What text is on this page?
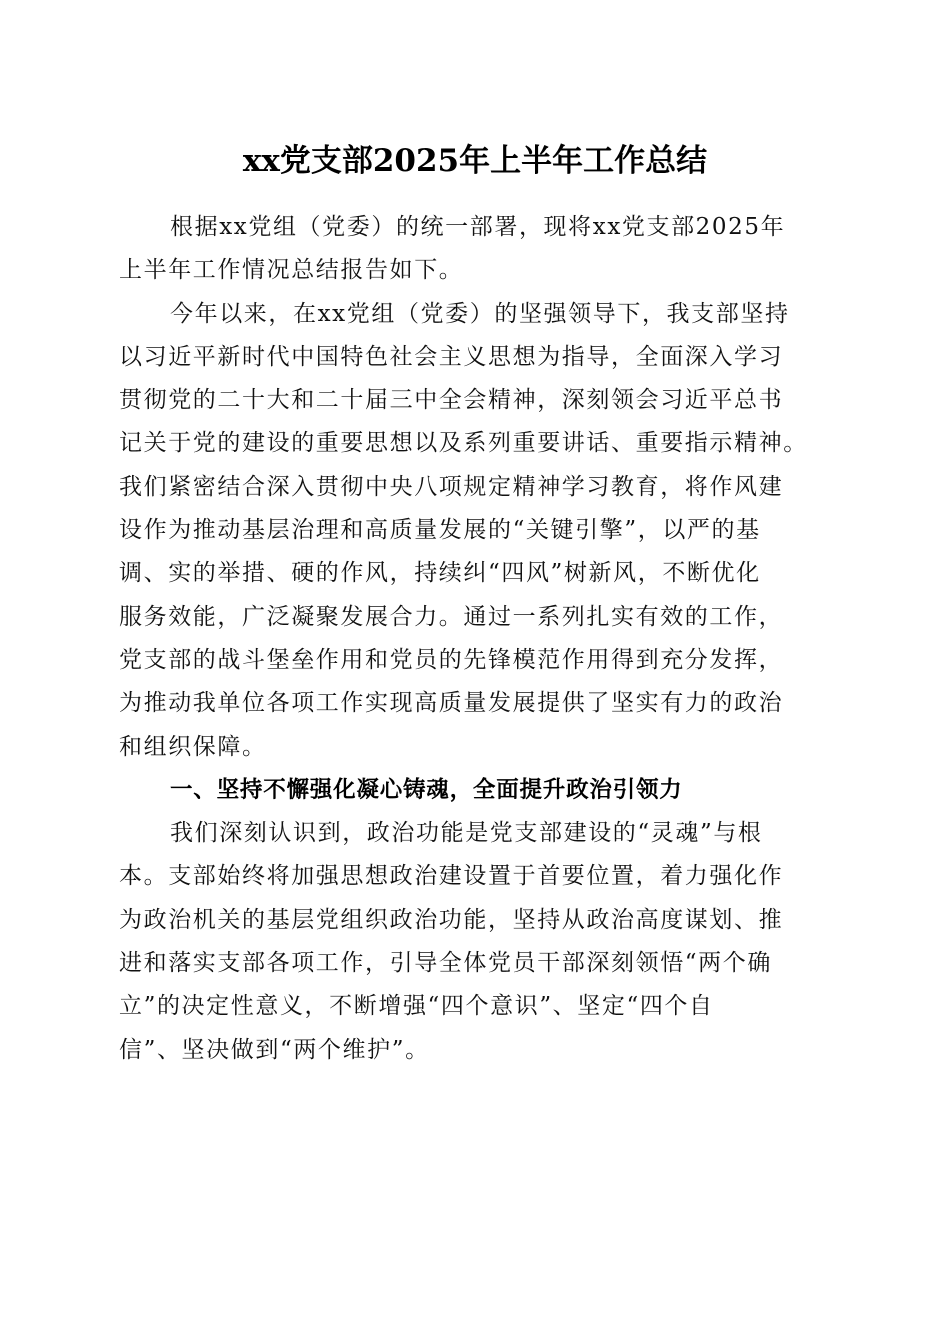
xx党支部2025年上半年工作总结
根据xx党组（党委）的统一部署，现将xx党支部2025年
上半年工作情况总结报告如下。
今年以来，在xx党组（党委）的坚强领导下，我支部坚持
以习近平新时代中国特色社会主义思想为指导，全面深入学习
贯彻党的二十大和二十届三中全会精神，深刻领会习近平总书
记关于党的建设的重要思想以及系列重要讲话、重要指示精神。
我们紧密结合深入贯彻中央八项规定精神学习教育，将作风建
设作为推动基层治理和高质量发展的“关键引擎”，以严的基
调、实的举措、硬的作风，持续纠“四风”树新风，不断优化
服务效能，广泛凝聚发展合力。通过一系列扎实有效的工作，
党支部的战斗堡垒作用和党员的先锋模范作用得到充分发挥，
为推动我单位各项工作实现高质量发展提供了坚实有力的政治
和组织保障。
一、坚持不懈强化凝心铸魂，全面提升政治引领力
我们深刻认识到，政治功能是党支部建设的“灵魂”与根
本。支部始终将加强思想政治建设置于首要位置，着力强化作
为政治机关的基层党组织政治功能，坚持从政治高度谋划、推
进和落实支部各项工作，引导全体党员干部深刻领悟“两个确
立”的决定性意义，不断增强“四个意识”、坚定“四个自
信”、坚决做到“两个维护”。
